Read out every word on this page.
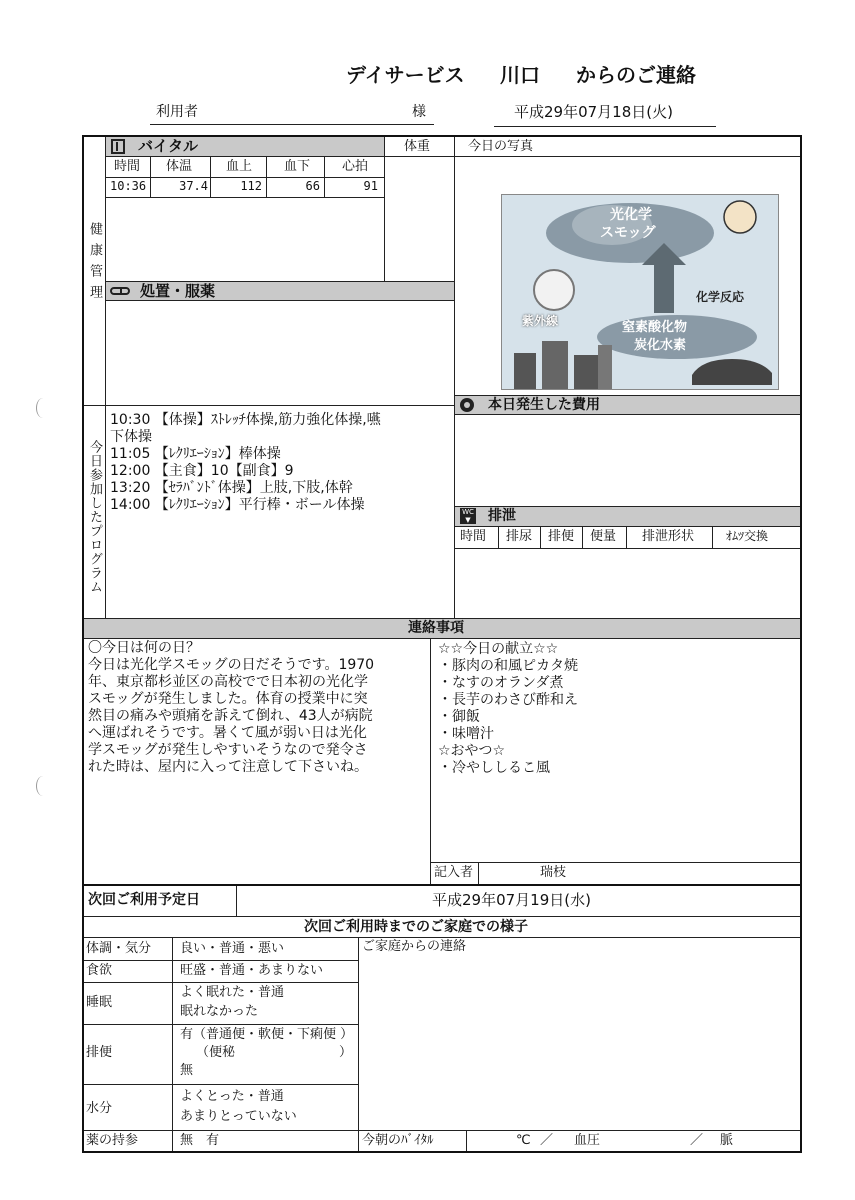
デイサービス 川口 からのご連絡
利用者	様	平成29年07月18日(火)
健康管理
バイタル
時間 体温	血上 血下 心拍
10:36	37.4	112	66	91
体重
処置・服薬
今日の写真
光化学
スモッグ
紫外線
化学反応
窒素酸化物
炭化水素
本日発生した費用
今日参加したプログラム
10:30 【体操】ｽﾄﾚｯﾁ体操,筋力強化体操,嚥
下体操
11:05 【ﾚｸﾘｴｰｼｮﾝ】棒体操
12:00 【主食】10【副食】9
13:20 【ｾﾗﾊﾞﾝﾄﾞ体操】上肢,下肢,体幹
14:00 【ﾚｸﾘｴｰｼｮﾝ】平行棒・ボール体操	WC
▼	排泄
時間 排尿 排便 便量 排泄形状	ｵﾑﾂ交換
連絡事項
〇今日は何の日？
今日は光化学スモッグの日だそうです。1970
年、東京都杉並区の高校でで日本初の光化学
スモッグが発生しました。体育の授業中に突
然目の痛みや頭痛を訴えて倒れ、43人が病院
へ運ばれそうです。暑くて風が弱い日は光化
学スモッグが発生しやすいそうなので発令さ
れた時は、屋内に入って注意して下さいね。
☆☆今日の献立☆☆
・豚肉の和風ピカタ焼
・なすのオランダ煮
・長芋のわさび酢和え
・御飯
・味噌汁
☆おやつ☆
・冷やししるこ風
記入者	瑞枝
次回ご利用予定日	平成29年07月19日(水)
次回ご利用時までのご家庭での様子
ご家庭からの連絡
体調・気分 良い・普通・悪い
食欲	旺盛・普通・あまりない
睡眠
よく眠れた・普通
眠れなかった
排便
有（普通便・軟便・下痢便 ）
（便秘　　　　　　　　）
無
水分
よくとった・普通
あまりとっていない
薬の持参	無　有	今朝のﾊﾞｲﾀﾙ	℃ ／ 血圧	／ 脈
